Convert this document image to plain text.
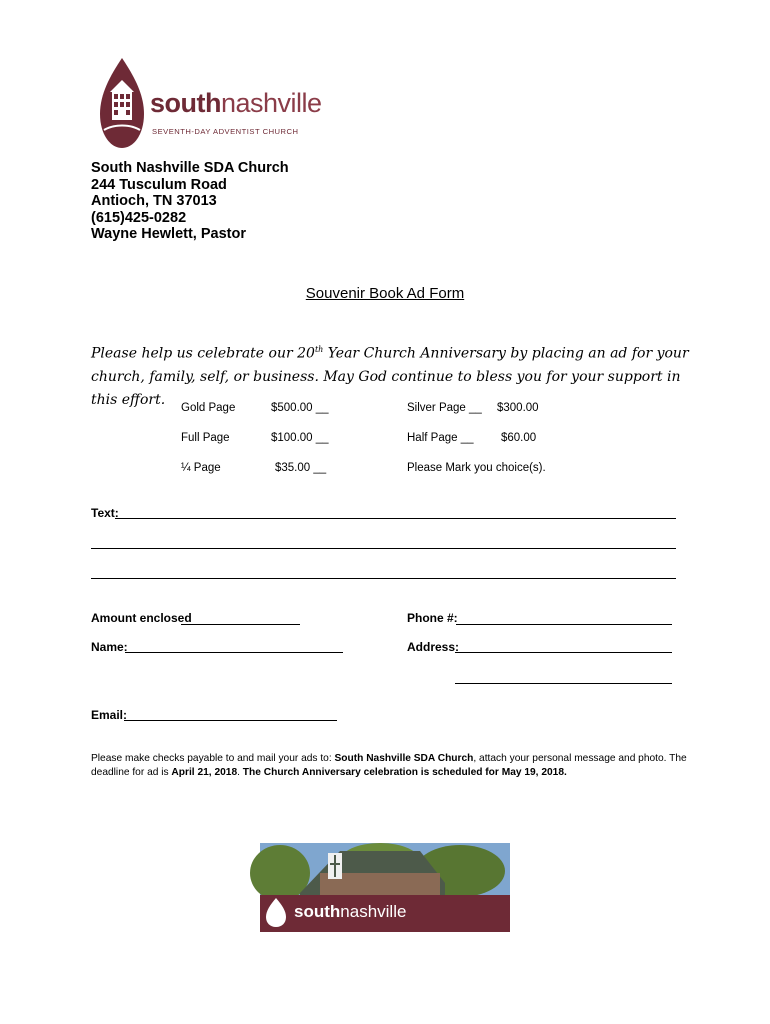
southnashville
SEVENTH-DAY ADVENTIST CHURCH
South Nashville SDA Church
244 Tusculum Road
Antioch, TN 37013
(615)425-0282
Wayne Hewlett, Pastor
Souvenir Book Ad Form
Please help us celebrate our 20th Year Church Anniversary by placing an ad for your church, family, self, or business. May God continue to bless you for your support in this effort.
Gold Page	$500.00 __	Silver Page __ $300.00
Full Page	$100.00 __	Half Page __ $60.00
¼ Page	$35.00 __	Please Mark you choice(s).
Text:
Amount enclosed	Phone #:
Name:	Address:
Email:
Please make checks payable to and mail your ads to: South Nashville SDA Church, attach your personal message and photo. The deadline for ad is April 21, 2018. The Church Anniversary celebration is scheduled for May 19, 2018.
southnashville
